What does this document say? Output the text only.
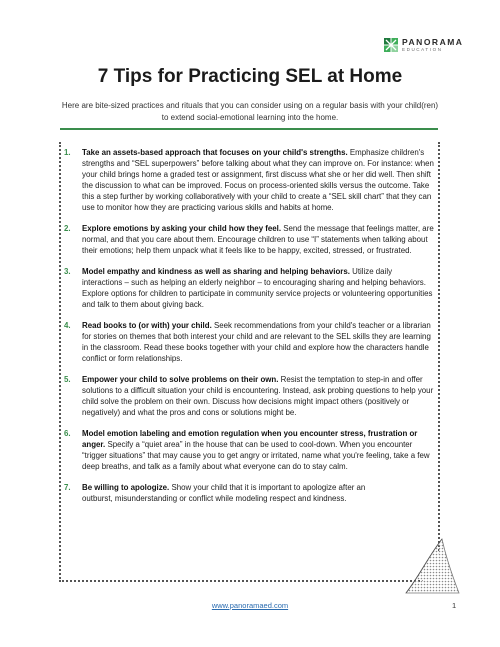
PANORAMA
EDUCATION
7 Tips for Practicing SEL at Home
Here are bite-sized practices and rituals that you can consider using on a regular basis with your child(ren) to extend social-emotional learning into the home.
1. Take an assets-based approach that focuses on your child's strengths. Emphasize children's strengths and “SEL superpowers” before talking about what they can improve on. For instance: when your child brings home a graded test or assignment, first discuss what she or her did well. Then shift the discussion to what can be improved. Focus on process-oriented skills versus the outcome. Take this a step further by working collaboratively with your child to create a “SEL skill chart” that they can use to monitor how they are practicing various skills and habits at home.
2. Explore emotions by asking your child how they feel. Send the message that feelings matter, are normal, and that you care about them. Encourage children to use “I” statements when talking about their emotions; help them unpack what it feels like to be happy, excited, stressed, or frustrated.
3. Model empathy and kindness as well as sharing and helping behaviors. Utilize daily interactions – such as helping an elderly neighbor – to encouraging sharing and helping behaviors. Explore options for children to participate in community service projects or volunteering opportunities and talk to them about giving back.
4. Read books to (or with) your child. Seek recommendations from your child's teacher or a librarian for stories on themes that both interest your child and are relevant to the SEL skills they are learning in the classroom. Read these books together with your child and explore how the characters handle conflict or form relationships.
5. Empower your child to solve problems on their own. Resist the temptation to step-in and offer solutions to a difficult situation your child is encountering. Instead, ask probing questions to help your child solve the problem on their own. Discuss how decisions might impact others (positively or negatively) and what the pros and cons or solutions might be.
6. Model emotion labeling and emotion regulation when you encounter stress, frustration or anger. Specify a “quiet area” in the house that can be used to cool-down. When you encounter “trigger situations” that may cause you to get angry or irritated, name what you're feeling, take a few deep breaths, and talk as a family about what everyone can do to stay calm.
7. Be willing to apologize. Show your child that it is important to apologize after an outburst, misunderstanding or conflict while modeling respect and kindness.
www.panoramaed.com	1
